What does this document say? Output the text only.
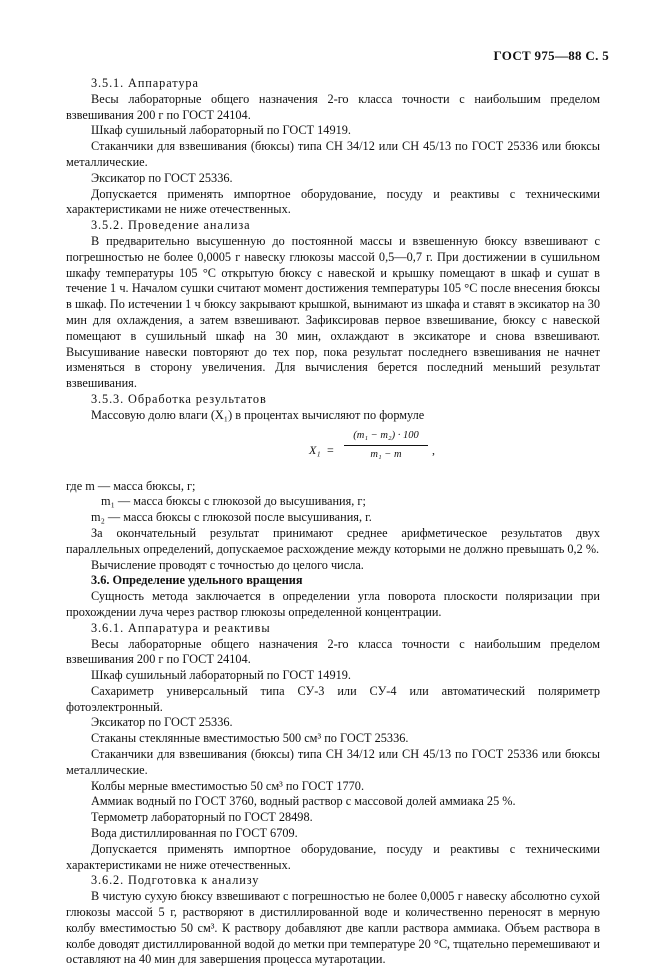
ГОСТ 975—88 С. 5

3.5.1. Аппаратура

Весы лабораторные общего назначения 2-го класса точности с наибольшим пределом взвешивания 200 г по ГОСТ 24104.

Шкаф сушильный лабораторный по ГОСТ 14919.

Стаканчики для взвешивания (бюксы) типа СН 34/12 или СН 45/13 по ГОСТ 25336 или бюксы металлические.

Эксикатор по ГОСТ 25336.

Допускается применять импортное оборудование, посуду и реактивы с техническими характеристиками не ниже отечественных.

3.5.2. Проведение анализа

В предварительно высушенную до постоянной массы и взвешенную бюксу взвешивают с погрешностью не более 0,0005 г навеску глюкозы массой 0,5—0,7 г. При достижении в сушильном шкафу температуры 105 °С открытую бюксу с навеской и крышку помещают в шкаф и сушат в течение 1 ч. Началом сушки считают момент достижения температуры 105 °С после внесения бюксы в шкаф. По истечении 1 ч бюксу закрывают крышкой, вынимают из шкафа и ставят в эксикатор на 30 мин для охлаждения, а затем взвешивают. Зафиксировав первое взвешивание, бюксу с навеской помещают в сушильный шкаф на 30 мин, охлаждают в эксикаторе и снова взвешивают. Высушивание навески повторяют до тех пор, пока результат последнего взвешивания не начнет изменяться в сторону увеличения. Для вычисления берется последний меньший результат взвешивания.

3.5.3. Обработка результатов

Массовую долю влаги (X₁) в процентах вычисляют по формуле

X₁ =
(m₁ − m₂) · 100
m₁ − m	,

где m — масса бюксы, г;

m₁ — масса бюксы с глюкозой до высушивания, г;

m₂ — масса бюксы с глюкозой после высушивания, г.

За окончательный результат принимают среднее арифметическое результатов двух параллельных определений, допускаемое расхождение между которыми не должно превышать 0,2 %.

Вычисление проводят с точностью до целого числа.

3.6. Определение удельного вращения

Сущность метода заключается в определении угла поворота плоскости поляризации при прохождении луча через раствор глюкозы определенной концентрации.

3.6.1. Аппаратура и реактивы

Весы лабораторные общего назначения 2-го класса точности с наибольшим пределом взвешивания 200 г по ГОСТ 24104.

Шкаф сушильный лабораторный по ГОСТ 14919.

Сахариметр универсальный типа СУ-3 или СУ-4 или автоматический поляриметр фотоэлектронный.

Эксикатор по ГОСТ 25336.

Стаканы стеклянные вместимостью 500 см³ по ГОСТ 25336.

Стаканчики для взвешивания (бюксы) типа СН 34/12 или СН 45/13 по ГОСТ 25336 или бюксы металлические.

Колбы мерные вместимостью 50 см³ по ГОСТ 1770.

Аммиак водный по ГОСТ 3760, водный раствор с массовой долей аммиака 25 %.

Термометр лабораторный по ГОСТ 28498.

Вода дистиллированная по ГОСТ 6709.

Допускается применять импортное оборудование, посуду и реактивы с техническими характеристиками не ниже отечественных.

3.6.2. Подготовка к анализу

В чистую сухую бюксу взвешивают с погрешностью не более 0,0005 г навеску абсолютно сухой глюкозы массой 5 г, растворяют в дистиллированной воде и количественно переносят в мерную колбу вместимостью 50 см³. К раствору добавляют две капли раствора аммиака. Объем раствора в колбе доводят дистиллированной водой до метки при температуре 20 °С, тщательно перемешивают и оставляют на 40 мин для завершения процесса мутаротации.
